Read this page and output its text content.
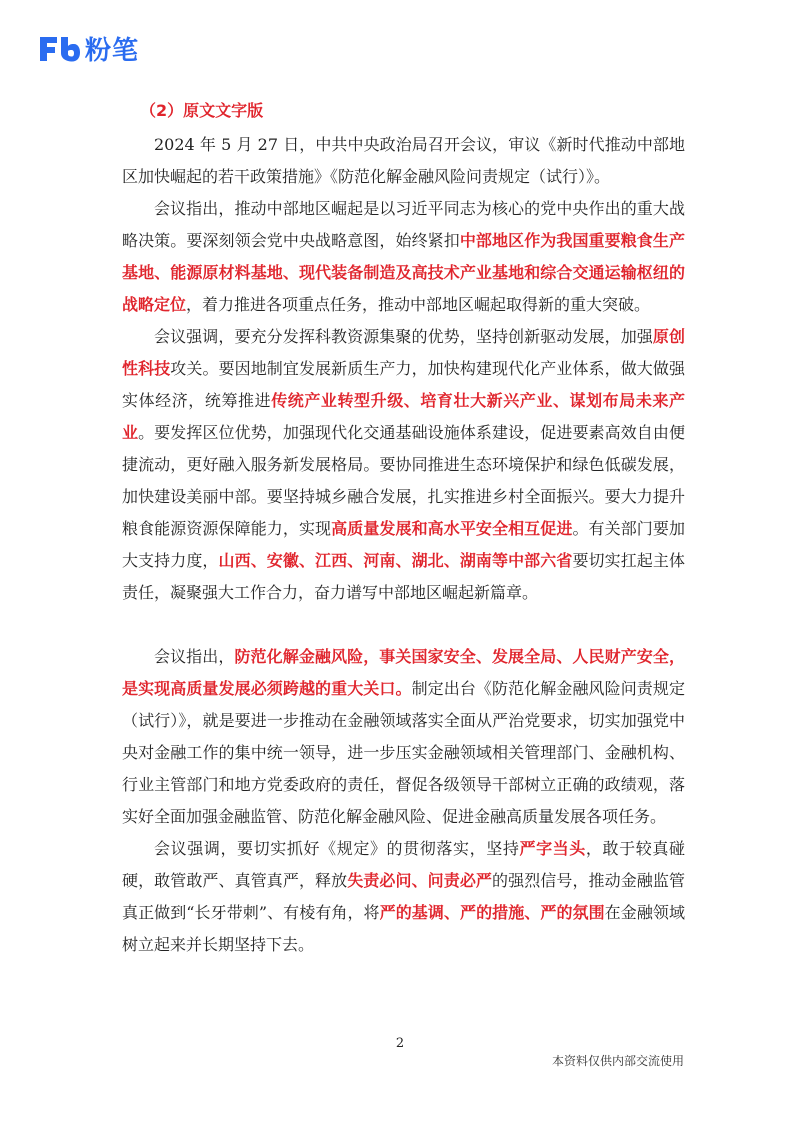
粉笔
（2）原文文字版

2024 年 5 月 27 日，中共中央政治局召开会议，审议《新时代推动中部地区加快崛起的若干政策措施》《防范化解金融风险问责规定（试行）》。

会议指出，推动中部地区崛起是以习近平同志为核心的党中央作出的重大战略决策。要深刻领会党中央战略意图，始终紧扣中部地区作为我国重要粮食生产基地、能源原材料基地、现代装备制造及高技术产业基地和综合交通运输枢纽的战略定位，着力推进各项重点任务，推动中部地区崛起取得新的重大突破。

会议强调，要充分发挥科教资源集聚的优势，坚持创新驱动发展，加强原创性科技攻关。要因地制宜发展新质生产力，加快构建现代化产业体系，做大做强实体经济，统筹推进传统产业转型升级、培育壮大新兴产业、谋划布局未来产业。要发挥区位优势，加强现代化交通基础设施体系建设，促进要素高效自由便捷流动，更好融入服务新发展格局。要协同推进生态环境保护和绿色低碳发展，加快建设美丽中部。要坚持城乡融合发展，扎实推进乡村全面振兴。要大力提升粮食能源资源保障能力，实现高质量发展和高水平安全相互促进。有关部门要加大支持力度，山西、安徽、江西、河南、湖北、湖南等中部六省要切实扛起主体责任，凝聚强大工作合力，奋力谱写中部地区崛起新篇章。

会议指出，防范化解金融风险，事关国家安全、发展全局、人民财产安全，是实现高质量发展必须跨越的重大关口。制定出台《防范化解金融风险问责规定（试行）》，就是要进一步推动在金融领域落实全面从严治党要求，切实加强党中央对金融工作的集中统一领导，进一步压实金融领域相关管理部门、金融机构、行业主管部门和地方党委政府的责任，督促各级领导干部树立正确的政绩观，落实好全面加强金融监管、防范化解金融风险、促进金融高质量发展各项任务。

会议强调，要切实抓好《规定》的贯彻落实，坚持严字当头，敢于较真碰硬，敢管敢严、真管真严，释放失责必问、问责必严的强烈信号，推动金融监管真正做到“长牙带刺”、有棱有角，将严的基调、严的措施、严的氛围在金融领域树立起来并长期坚持下去。

2
本资料仅供内部交流使用
